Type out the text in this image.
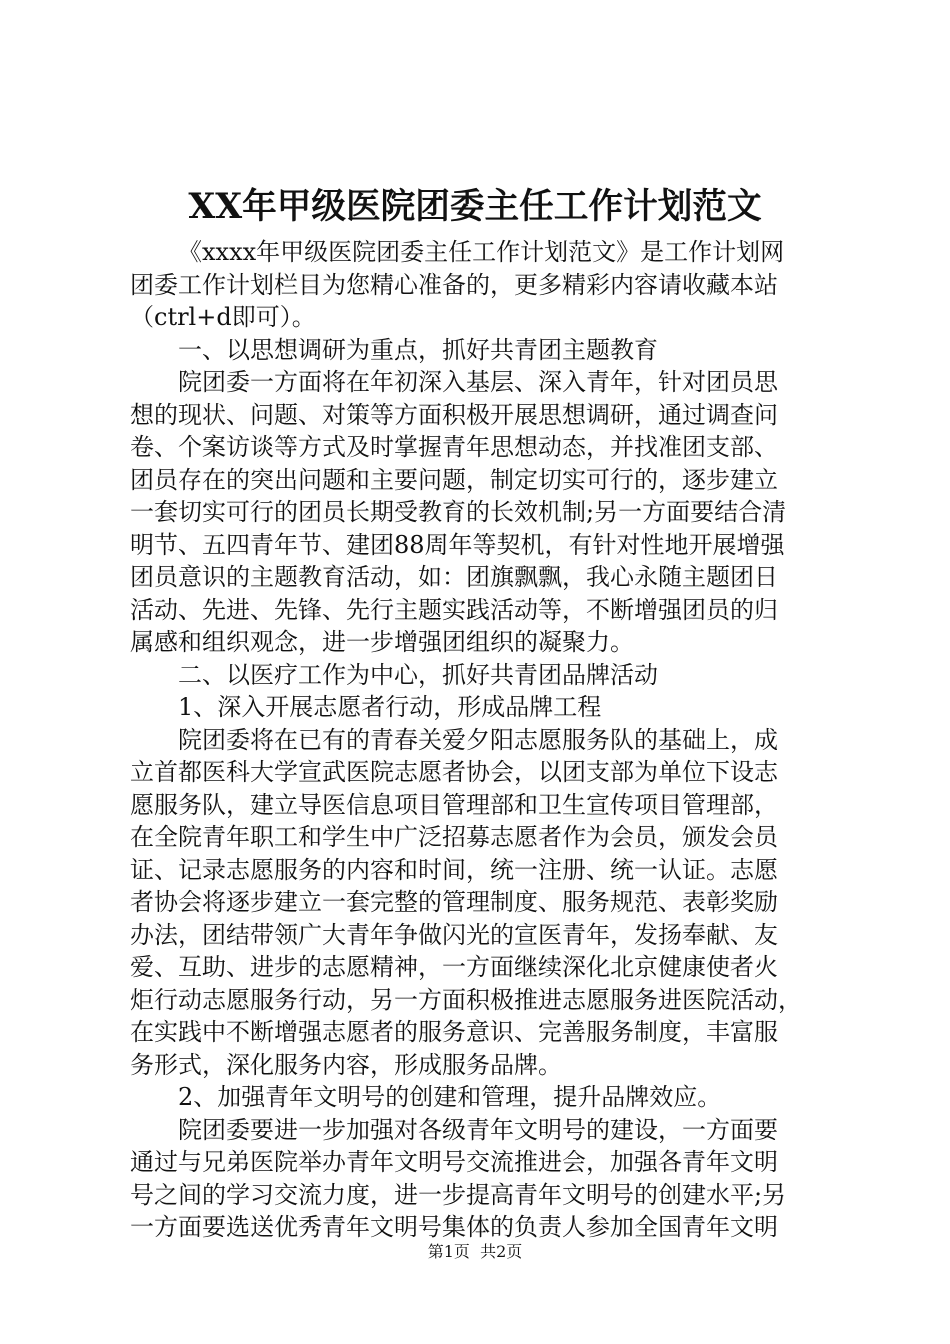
XX年甲级医院团委主任工作计划范文
《xxxx年甲级医院团委主任工作计划范文》是工作计划网
团委工作计划栏目为您精心准备的，更多精彩内容请收藏本站
（ctrl+d即可）。
一、以思想调研为重点，抓好共青团主题教育
院团委一方面将在年初深入基层、深入青年，针对团员思
想的现状、问题、对策等方面积极开展思想调研，通过调查问
卷、个案访谈等方式及时掌握青年思想动态，并找准团支部、
团员存在的突出问题和主要问题，制定切实可行的，逐步建立
一套切实可行的团员长期受教育的长效机制;另一方面要结合清
明节、五四青年节、建团88周年等契机，有针对性地开展增强
团员意识的主题教育活动，如：团旗飘飘，我心永随主题团日
活动、先进、先锋、先行主题实践活动等，不断增强团员的归
属感和组织观念，进一步增强团组织的凝聚力。
二、以医疗工作为中心，抓好共青团品牌活动
1、深入开展志愿者行动，形成品牌工程
院团委将在已有的青春关爱夕阳志愿服务队的基础上，成
立首都医科大学宣武医院志愿者协会，以团支部为单位下设志
愿服务队，建立导医信息项目管理部和卫生宣传项目管理部，
在全院青年职工和学生中广泛招募志愿者作为会员，颁发会员
证、记录志愿服务的内容和时间，统一注册、统一认证。志愿
者协会将逐步建立一套完整的管理制度、服务规范、表彰奖励
办法，团结带领广大青年争做闪光的宣医青年，发扬奉献、友
爱、互助、进步的志愿精神，一方面继续深化北京健康使者火
炬行动志愿服务行动，另一方面积极推进志愿服务进医院活动，
在实践中不断增强志愿者的服务意识、完善服务制度，丰富服
务形式，深化服务内容，形成服务品牌。
2、加强青年文明号的创建和管理，提升品牌效应。
院团委要进一步加强对各级青年文明号的建设，一方面要
通过与兄弟医院举办青年文明号交流推进会，加强各青年文明
号之间的学习交流力度，进一步提高青年文明号的创建水平;另
一方面要选送优秀青年文明号集体的负责人参加全国青年文明
第1页  共2页
